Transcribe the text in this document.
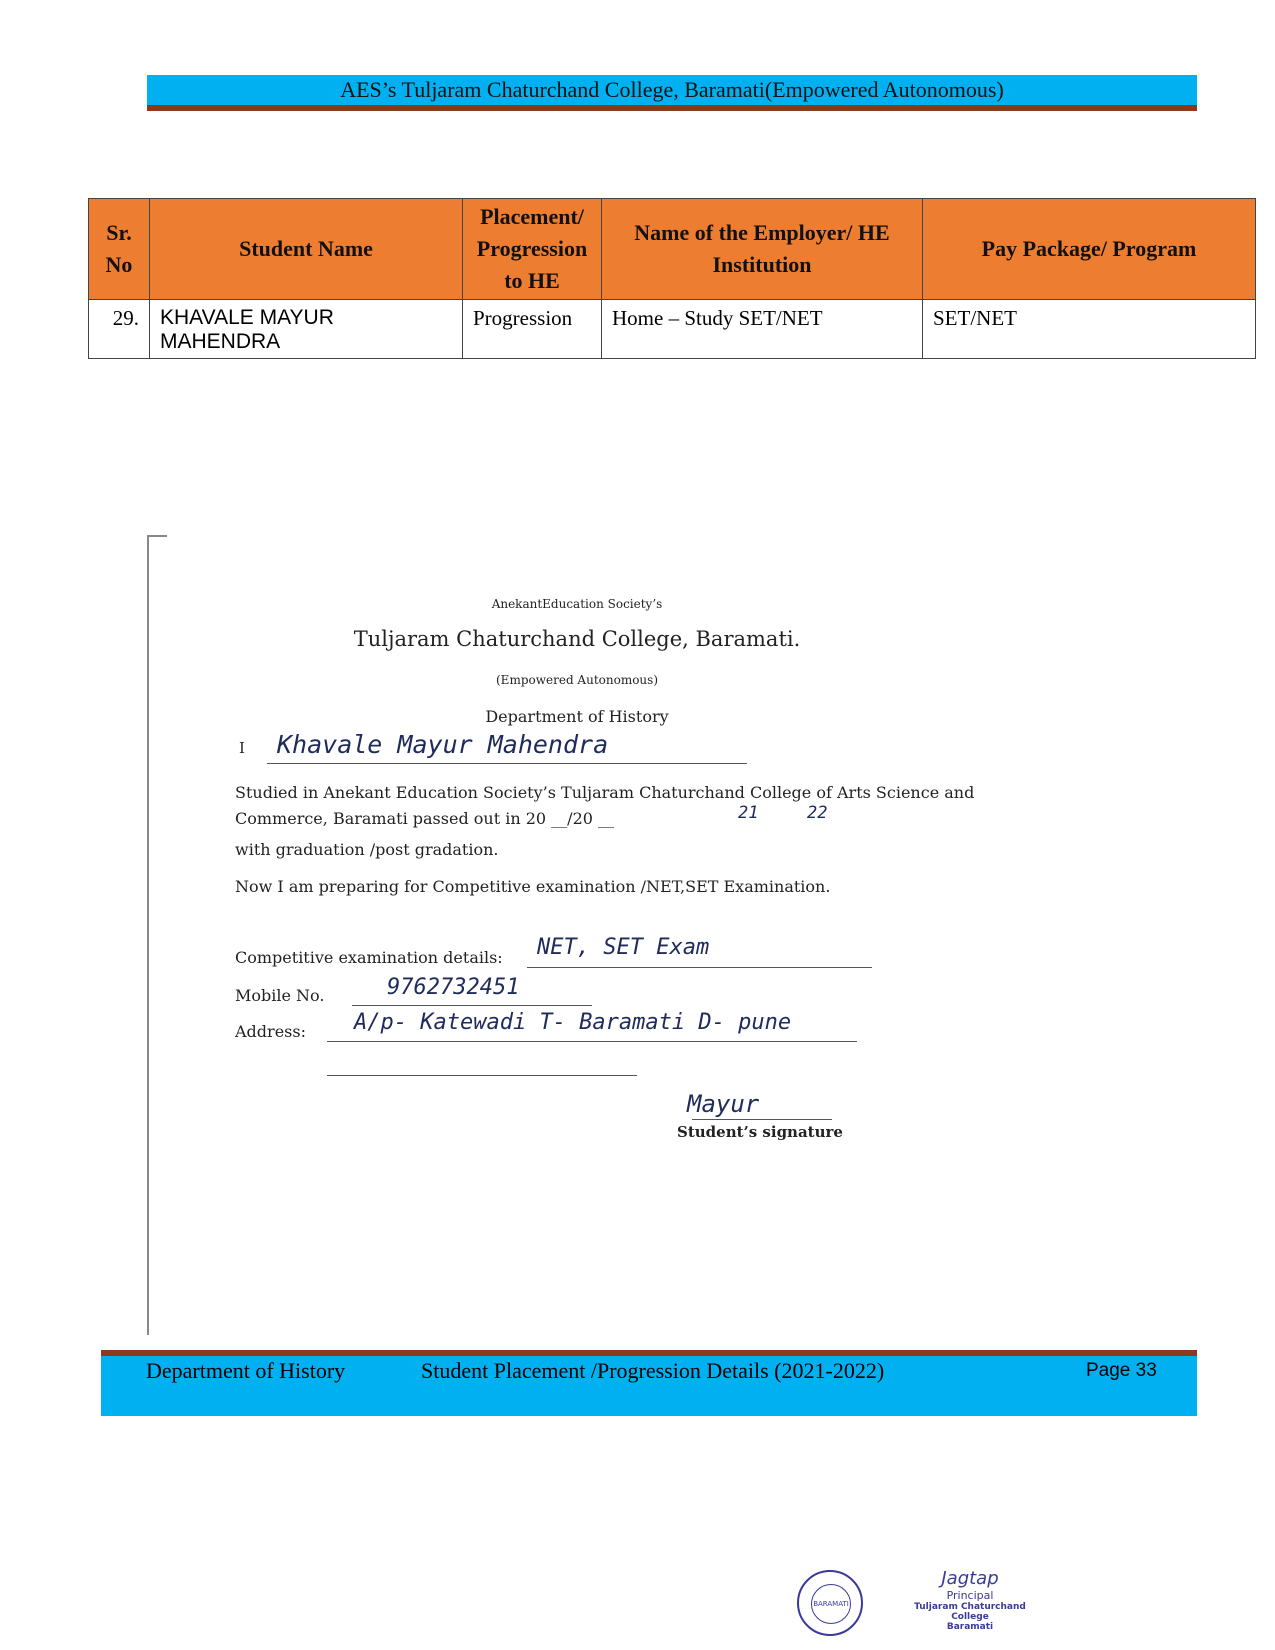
AES’s Tuljaram Chaturchand College, Baramati(Empowered Autonomous)
Sr. No	Student Name	Placement/ Progression to HE	Name of the Employer/ HE Institution	Pay Package/ Program
29.	KHAVALE MAYUR MAHENDRA	Progression	Home – Study SET/NET	SET/NET
AnekantEducation Society’s
Tuljaram Chaturchand College, Baramati.
(Empowered Autonomous)
Department of History
I Khavale Mayur Mahendra
Studied in Anekant Education Society’s Tuljaram Chaturchand College of Arts Science and Commerce, Baramati passed out in 20 __/20 __	21	22
with graduation /post gradation.
Now I am preparing for Competitive examination /NET,SET Examination.
Competitive examination details: NET, SET Exam
Mobile No.	9762732451
Address: A/p- Katewadi T- Baramati D- pune
Mayur
Student’s signature
Department of History	Student Placement /Progression Details (2021-2022)	Page 33
BARAMATI
Jagtap
Principal
Tuljaram Chaturchand College
Baramati
